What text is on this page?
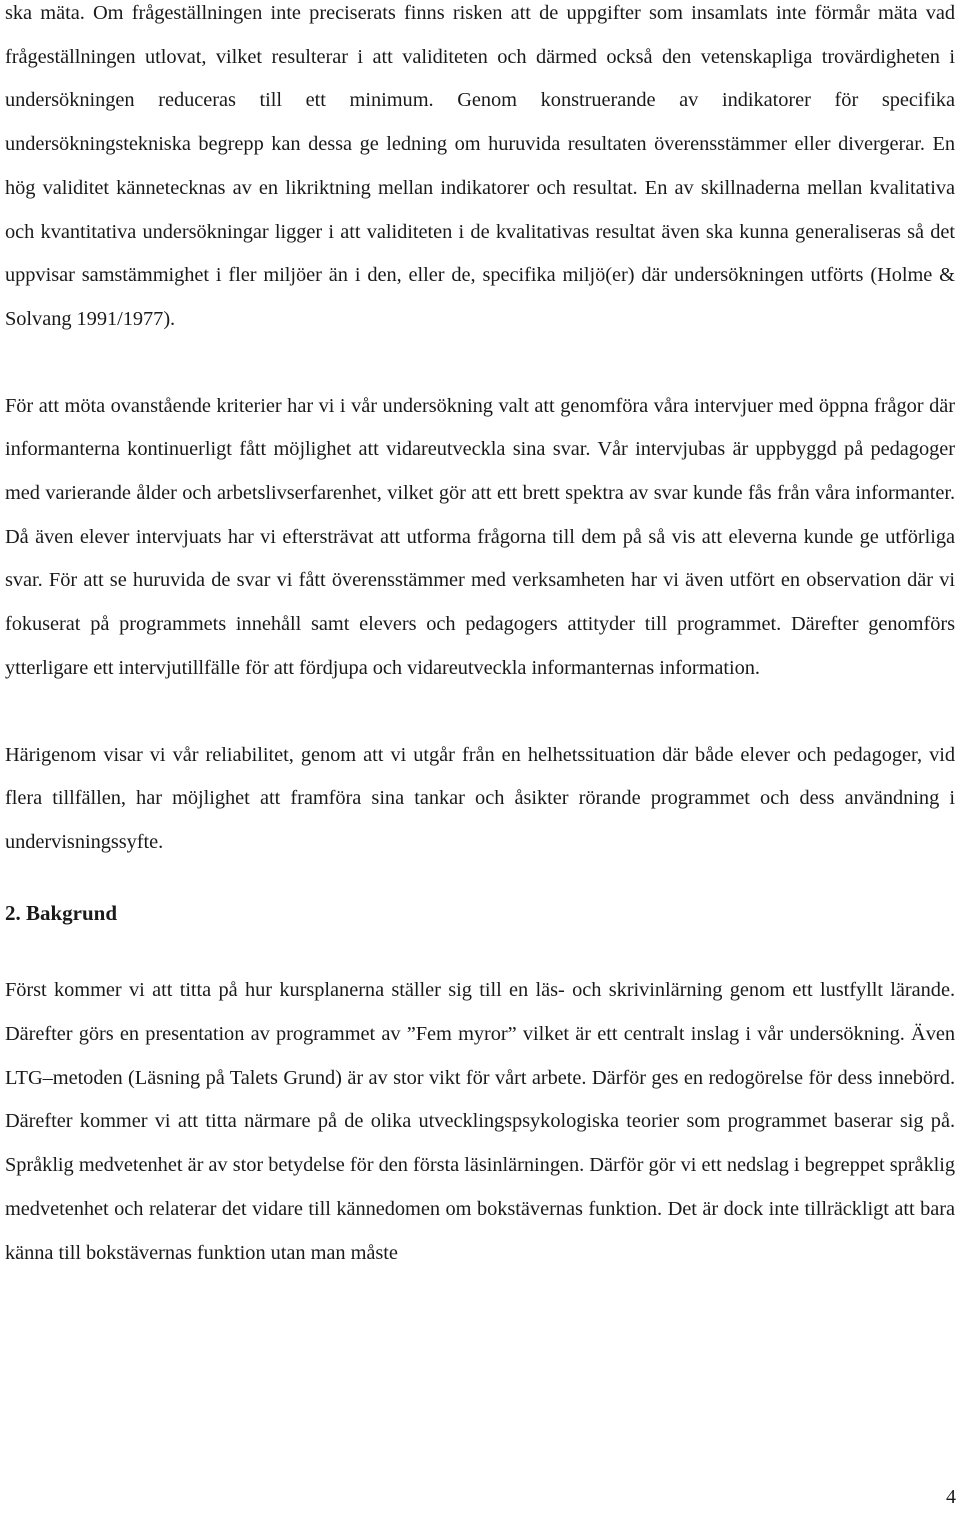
ska mäta. Om frågeställningen inte preciserats finns risken att de uppgifter som insamlats inte förmår mäta vad frågeställningen utlovat, vilket resulterar i att validiteten och därmed också den vetenskapliga trovärdigheten i undersökningen reduceras till ett minimum. Genom konstruerande av indikatorer för specifika undersökningstekniska begrepp kan dessa ge ledning om huruvida resultaten överensstämmer eller divergerar. En hög validitet kännetecknas av en likriktning mellan indikatorer och resultat. En av skillnaderna mellan kvalitativa och kvantitativa undersökningar ligger i att validiteten i de kvalitativas resultat även ska kunna generaliseras så det uppvisar samstämmighet i fler miljöer än i den, eller de, specifika miljö(er) där undersökningen utförts (Holme & Solvang 1991/1977).

För att möta ovanstående kriterier har vi i vår undersökning valt att genomföra våra intervjuer med öppna frågor där informanterna kontinuerligt fått möjlighet att vidareutveckla sina svar. Vår intervjubas är uppbyggd på pedagoger med varierande ålder och arbetslivserfarenhet, vilket gör att ett brett spektra av svar kunde fås från våra informanter. Då även elever intervjuats har vi eftersträvat att utforma frågorna till dem på så vis att eleverna kunde ge utförliga svar. För att se huruvida de svar vi fått överensstämmer med verksamheten har vi även utfört en observation där vi fokuserat på programmets innehåll samt elevers och pedagogers attityder till programmet. Därefter genomförs ytterligare ett intervjutillfälle för att fördjupa och vidareutveckla informanternas information.

Härigenom visar vi vår reliabilitet, genom att vi utgår från en helhetssituation där både elever och pedagoger, vid flera tillfällen, har möjlighet att framföra sina tankar och åsikter rörande programmet och dess användning i undervisningssyfte.

2. Bakgrund

Först kommer vi att titta på hur kursplanerna ställer sig till en läs- och skrivinlärning genom ett lustfyllt lärande. Därefter görs en presentation av programmet av ”Fem myror” vilket är ett centralt inslag i vår undersökning. Även LTG–metoden (Läsning på Talets Grund) är av stor vikt för vårt arbete. Därför ges en redogörelse för dess innebörd. Därefter kommer vi att titta närmare på de olika utvecklingspsykologiska teorier som programmet baserar sig på. Språklig medvetenhet är av stor betydelse för den första läsinlärningen. Därför gör vi ett nedslag i begreppet språklig medvetenhet och relaterar det vidare till kännedomen om bokstävernas funktion. Det är dock inte tillräckligt att bara känna till bokstävernas funktion utan man måste

4
